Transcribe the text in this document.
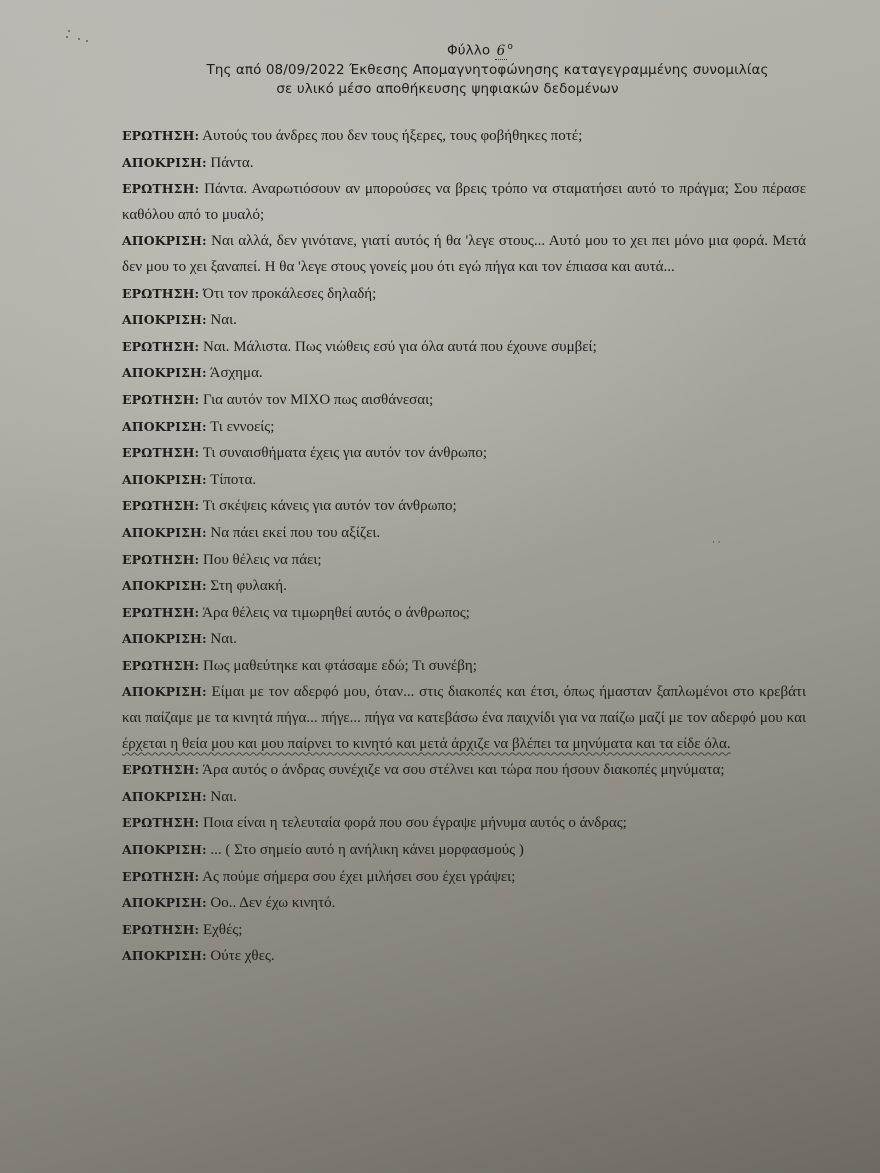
Φύλλο 6 $^o$
Της από 08/09/2022 Έκθεσης Απομαγνητοφώνησης καταγεγραμμένης συνομιλίας
σε υλικό μέσο αποθήκευσης ψηφιακών δεδομένων
· ·

ΕΡΩΤΗΣΗ: Αυτούς του άνδρες που δεν τους ήξερες, τους φοβήθηκες ποτέ;

ΑΠΟΚΡΙΣΗ: Πάντα.

ΕΡΩΤΗΣΗ: Πάντα. Αναρωτιόσουν αν μπορούσες να βρεις τρόπο να σταματήσει αυτό το πράγμα; Σου πέρασε καθόλου από το μυαλό;

ΑΠΟΚΡΙΣΗ: Ναι αλλά, δεν γινότανε, γιατί αυτός ή θα 'λεγε στους... Αυτό μου το χει πει μόνο μια φορά. Μετά δεν μου το χει ξαναπεί. Η θα 'λεγε στους γονείς μου ότι εγώ πήγα και τον έπιασα και αυτά...

ΕΡΩΤΗΣΗ: Ότι τον προκάλεσες δηλαδή;

ΑΠΟΚΡΙΣΗ: Ναι.

ΕΡΩΤΗΣΗ: Ναι. Μάλιστα. Πως νιώθεις εσύ για όλα αυτά που έχουνε συμβεί;

ΑΠΟΚΡΙΣΗ: Άσχημα.

ΕΡΩΤΗΣΗ: Για αυτόν τον ΜΙΧΟ πως αισθάνεσαι;

ΑΠΟΚΡΙΣΗ: Τι εννοείς;

ΕΡΩΤΗΣΗ: Τι συναισθήματα έχεις για αυτόν τον άνθρωπο;

ΑΠΟΚΡΙΣΗ: Τίποτα.

ΕΡΩΤΗΣΗ: Τι σκέψεις κάνεις για αυτόν τον άνθρωπο;

ΑΠΟΚΡΙΣΗ: Να πάει εκεί που του αξίζει.

ΕΡΩΤΗΣΗ: Που θέλεις να πάει;

ΑΠΟΚΡΙΣΗ: Στη φυλακή.

ΕΡΩΤΗΣΗ: Άρα θέλεις να τιμωρηθεί αυτός ο άνθρωπος;

ΑΠΟΚΡΙΣΗ: Ναι.

ΕΡΩΤΗΣΗ: Πως μαθεύτηκε και φτάσαμε εδώ; Τι συνέβη;

ΑΠΟΚΡΙΣΗ: Είμαι με τον αδερφό μου, όταν... στις διακοπές και έτσι, όπως ήμασταν ξαπλωμένοι στο κρεβάτι και παίζαμε με τα κινητά πήγα... πήγε... πήγα να κατεβάσω ένα παιχνίδι για να παίζω μαζί με τον αδερφό μου και έρχεται η θεία μου και μου παίρνει το κινητό και μετά άρχιζε να βλέπει τα μηνύματα και τα είδε όλα.

ΕΡΩΤΗΣΗ: Άρα αυτός ο άνδρας συνέχιζε να σου στέλνει και τώρα που ήσουν διακοπές μηνύματα;

ΑΠΟΚΡΙΣΗ: Ναι.

ΕΡΩΤΗΣΗ: Ποια είναι η τελευταία φορά που σου έγραψε μήνυμα αυτός ο άνδρας;

ΑΠΟΚΡΙΣΗ: ... ( Στο σημείο αυτό η ανήλικη κάνει μορφασμούς )

ΕΡΩΤΗΣΗ: Ας πούμε σήμερα σου έχει μιλήσει σου έχει γράψει;

ΑΠΟΚΡΙΣΗ: Οο.. Δεν έχω κινητό.

ΕΡΩΤΗΣΗ: Εχθές;

ΑΠΟΚΡΙΣΗ: Ούτε χθες.
